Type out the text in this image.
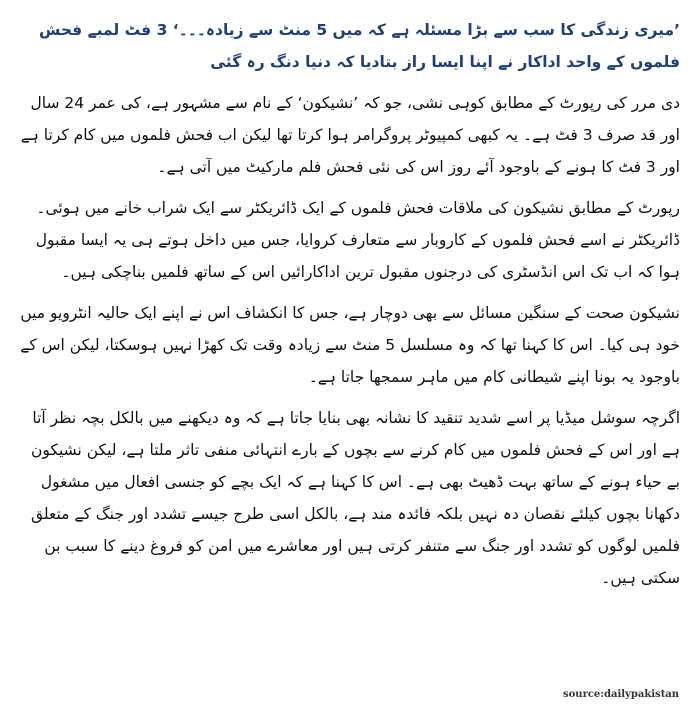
’میری زندگی کا سب سے بڑا مسئلہ ہے کہ میں 5 منٹ سے زیادہ۔۔۔‘ 3 فٹ لمبے فحش فلموں کے واحد اداکار نے اپنا ایسا راز بتادیا کہ دنیا دنگ رہ گئی

دی مرر کی رپورٹ کے مطابق کوہی نشی، جو کہ ’نشیکون‘ کے نام سے مشہور ہے، کی عمر 24 سال اور قد صرف 3 فٹ ہے۔ یہ کبھی کمپیوٹر پروگرامر ہوا کرتا تھا لیکن اب فحش فلموں میں کام کرتا ہے اور 3 فٹ کا ہونے کے باوجود آئے روز اس کی نئی فحش فلم مارکیٹ میں آتی ہے۔

رپورٹ کے مطابق نشیکون کی ملاقات فحش فلموں کے ایک ڈائریکٹر سے ایک شراب خانے میں ہوئی۔ ڈائریکٹر نے اسے فحش فلموں کے کاروبار سے متعارف کروایا، جس میں داخل ہوتے ہی یہ ایسا مقبول ہوا کہ اب تک اس انڈسٹری کی درجنوں مقبول ترین اداکارائیں اس کے ساتھ فلمیں بناچکی ہیں۔

نشیکون صحت کے سنگین مسائل سے بھی دوچار ہے، جس کا انکشاف اس نے اپنے ایک حالیہ انٹرویو میں خود ہی کیا۔ اس کا کہنا تھا کہ وہ مسلسل 5 منٹ سے زیادہ وقت تک کھڑا نہیں ہوسکتا، لیکن اس کے باوجود یہ بونا اپنے شیطانی کام میں ماہر سمجھا جاتا ہے۔

اگرچہ سوشل میڈیا پر اسے شدید تنقید کا نشانہ بھی بنایا جاتا ہے کہ وہ دیکھنے میں بالکل بچہ نظر آتا ہے اور اس کے فحش فلموں میں کام کرنے سے بچوں کے بارے انتہائی منفی تاثر ملتا ہے، لیکن نشیکون بے حیاء ہونے کے ساتھ بہت ڈھیٹ بھی ہے۔ اس کا کہنا ہے کہ ایک بچے کو جنسی افعال میں مشغول دکھانا بچوں کیلئے نقصان دہ نہیں بلکہ فائدہ مند ہے، بالکل اسی طرح جیسے تشدد اور جنگ کے متعلق فلمیں لوگوں کو تشدد اور جنگ سے متنفر کرتی ہیں اور معاشرے میں امن کو فروغ دینے کا سبب بن سکتی ہیں۔

source:dailypakistan
